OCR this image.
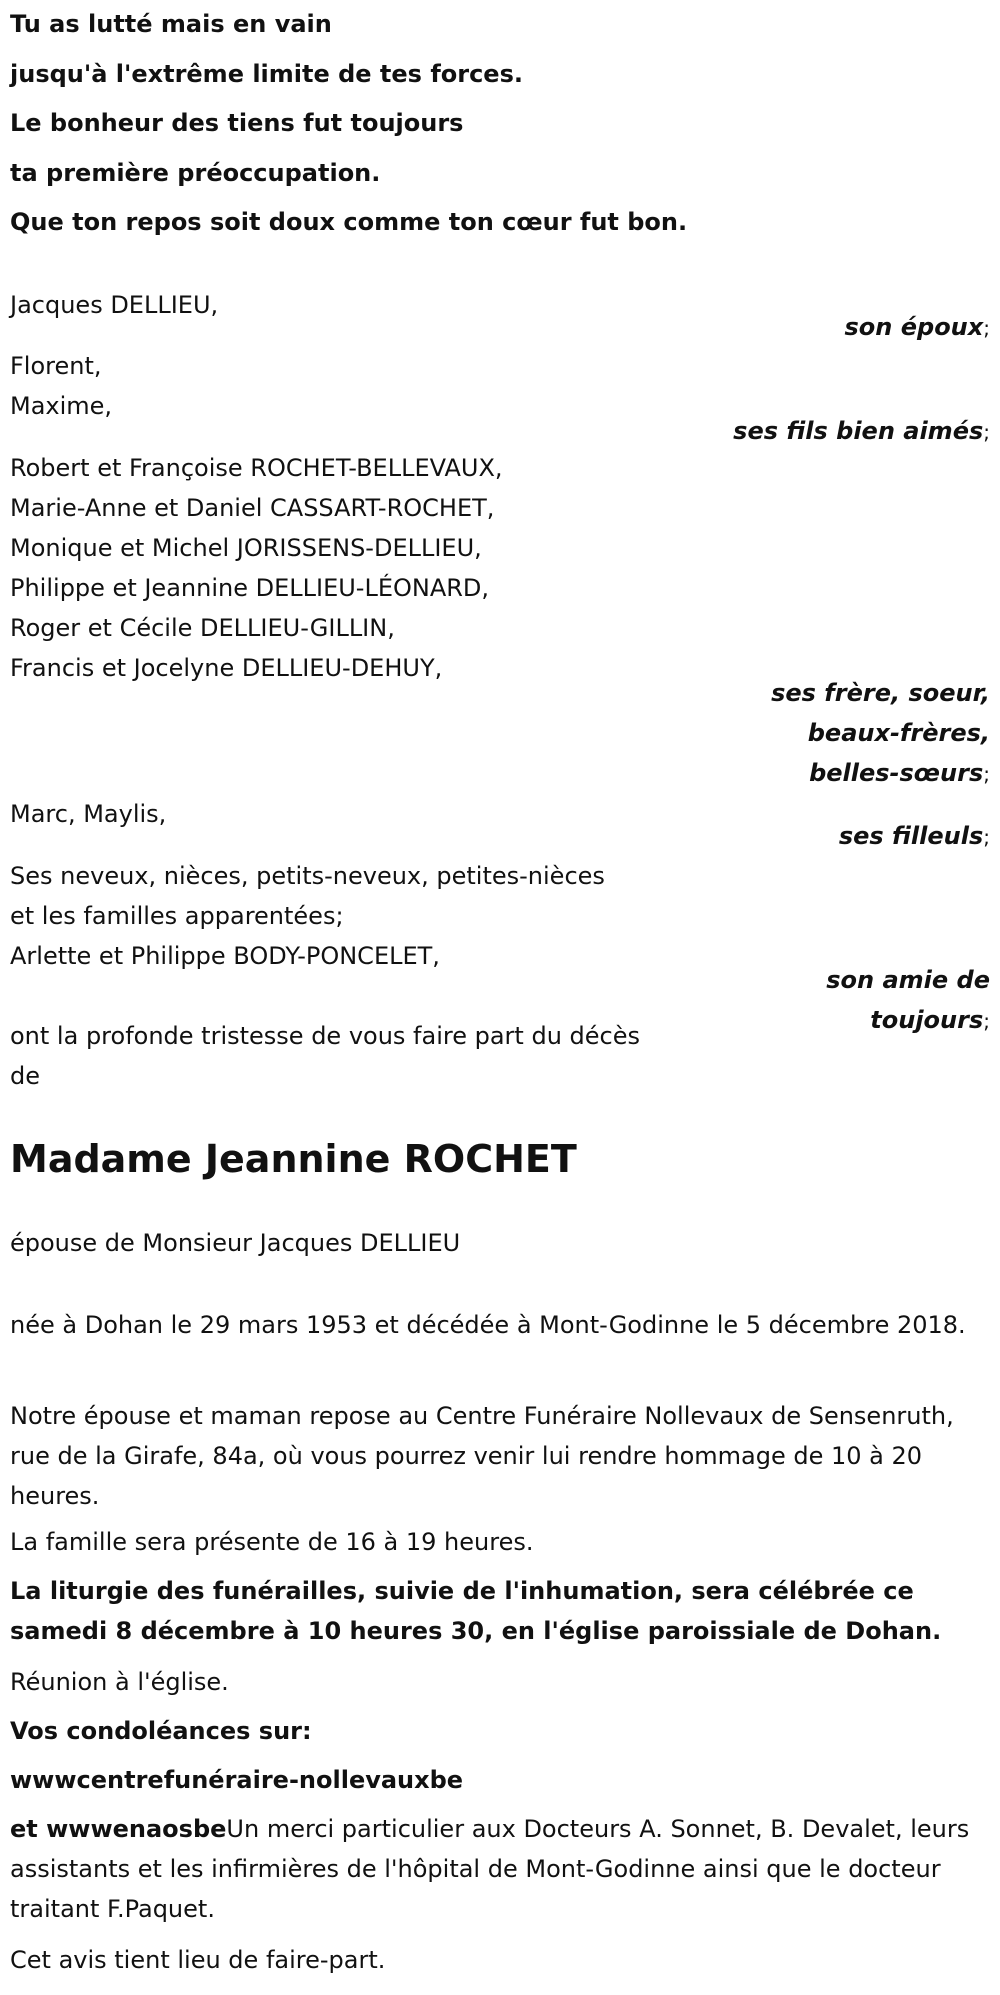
Tu as lutté mais en vain
jusqu'à l'extrême limite de tes forces.
Le bonheur des tiens fut toujours
ta première préoccupation.
Que ton repos soit doux comme ton cœur fut bon.
Jacques DELLIEU,
son époux;
Florent,
Maxime,
ses fils bien aimés;
Robert et Françoise ROCHET-BELLEVAUX,
Marie-Anne et Daniel CASSART-ROCHET,
Monique et Michel JORISSENS-DELLIEU,
Philippe et Jeannine DELLIEU-LÉONARD,
Roger et Cécile DELLIEU-GILLIN,
Francis et Jocelyne DELLIEU-DEHUY,
ses frère, soeur,
beaux-frères,
belles-sœurs;
Marc, Maylis,
ses filleuls;
Ses neveux, nièces, petits-neveux, petites-nièces
et les familles apparentées;
Arlette et Philippe BODY-PONCELET,
son amie de
toujours;
ont la profonde tristesse de vous faire part du décès
de
Madame Jeannine ROCHET
épouse de Monsieur Jacques DELLIEU
née à Dohan le 29 mars 1953 et décédée à Mont-Godinne le 5 décembre 2018.
Notre épouse et maman repose au Centre Funéraire Nollevaux de Sensenruth, rue de la Girafe, 84a, où vous pourrez venir lui rendre hommage de 10 à 20 heures.
La famille sera présente de 16 à 19 heures.
La liturgie des funérailles, suivie de l'inhumation, sera célébrée ce samedi 8 décembre à 10 heures 30, en l'église paroissiale de Dohan.
Réunion à l'église.
Vos condoléances sur:
wwwcentrefunéraire-nollevauxbe
et wwwenaosbeUn merci particulier aux Docteurs A. Sonnet, B. Devalet, leurs assistants et les infirmières de l'hôpital de Mont-Godinne ainsi que le docteur traitant F.Paquet.
Cet avis tient lieu de faire-part.
